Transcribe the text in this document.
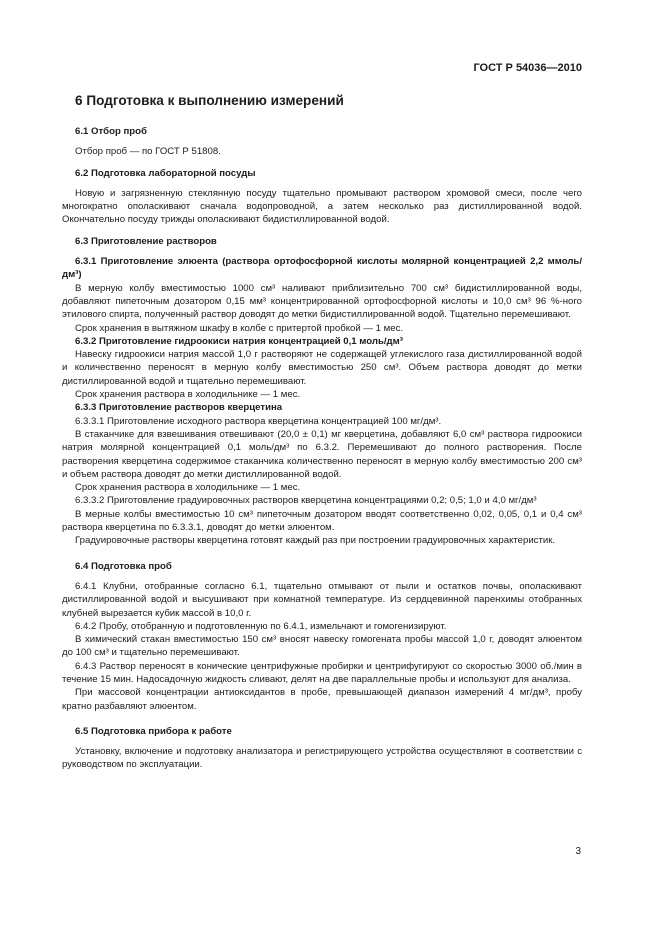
ГОСТ Р 54036—2010
6 Подготовка к выполнению измерений
6.1 Отбор проб

Отбор проб — по ГОСТ Р 51808.

6.2 Подготовка лабораторной посуды

Новую и загрязненную стеклянную посуду тщательно промывают раствором хромовой смеси, после чего многократно ополаскивают сначала водопроводной, а затем несколько раз дистиллированной водой. Окончательно посуду трижды ополаскивают бидистиллированной водой.

6.3 Приготовление растворов

6.3.1 Приготовление элюента (раствора ортофосфорной кислоты молярной концентрацией 2,2 ммоль/дм³)

В мерную колбу вместимостью 1000 см³ наливают приблизительно 700 см³ бидистиллированной воды, добавляют пипеточным дозатором 0,15 мм³ концентрированной ортофосфорной кислоты и 10,0 см³ 96 %-ного этилового спирта, полученный раствор доводят до метки бидистиллированной водой. Тщательно перемешивают.

Срок хранения в вытяжном шкафу в колбе с притертой пробкой — 1 мес.

6.3.2 Приготовление гидроокиси натрия концентрацией 0,1 моль/дм³

Навеску гидроокиси натрия массой 1,0 г растворяют не содержащей углекислого газа дистиллированной водой и количественно переносят в мерную колбу вместимостью 250 см³. Объем раствора доводят до метки дистиллированной водой и тщательно перемешивают.

Срок хранения раствора в холодильнике — 1 мес.

6.3.3 Приготовление растворов кверцетина

6.3.3.1 Приготовление исходного раствора кверцетина концентрацией 100 мг/дм³.

В стаканчике для взвешивания отвешивают (20,0 ± 0,1) мг кверцетина, добавляют 6,0 см³ раствора гидроокиси натрия молярной концентрацией 0,1 моль/дм³ по 6.3.2. Перемешивают до полного растворения. После растворения кверцетина содержимое стаканчика количественно переносят в мерную колбу вместимостью 200 см³ и объем раствора доводят до метки дистиллированной водой.

Срок хранения раствора в холодильнике — 1 мес.

6.3.3.2 Приготовление градуировочных растворов кверцетина концентрациями 0,2; 0,5; 1,0 и 4,0 мг/дм³

В мерные колбы вместимостью 10 см³ пипеточным дозатором вводят соответственно 0,02, 0,05, 0,1 и 0,4 см³ раствора кверцетина по 6.3.3.1, доводят до метки элюентом.

Градуировочные растворы кверцетина готовят каждый раз при построении градуировочных характеристик.

6.4 Подготовка проб

6.4.1 Клубни, отобранные согласно 6.1, тщательно отмывают от пыли и остатков почвы, ополаскивают дистиллированной водой и высушивают при комнатной температуре. Из сердцевинной паренхимы отобранных клубней вырезается кубик массой в 10,0 г.

6.4.2 Пробу, отобранную и подготовленную по 6.4.1, измельчают и гомогенизируют.

В химический стакан вместимостью 150 см³ вносят навеску гомогената пробы массой 1,0 г, доводят элюентом до 100 см³ и тщательно перемешивают.

6.4.3 Раствор переносят в конические центрифужные пробирки и центрифугируют со скоростью 3000 об./мин в течение 15 мин. Надосадочную жидкость сливают, делят на две параллельные пробы и используют для анализа.

При массовой концентрации антиоксидантов в пробе, превышающей диапазон измерений 4 мг/дм³, пробу кратно разбавляют элюентом.

6.5 Подготовка прибора к работе

Установку, включение и подготовку анализатора и регистрирующего устройства осуществляют в соответствии с руководством по эксплуатации.

3
